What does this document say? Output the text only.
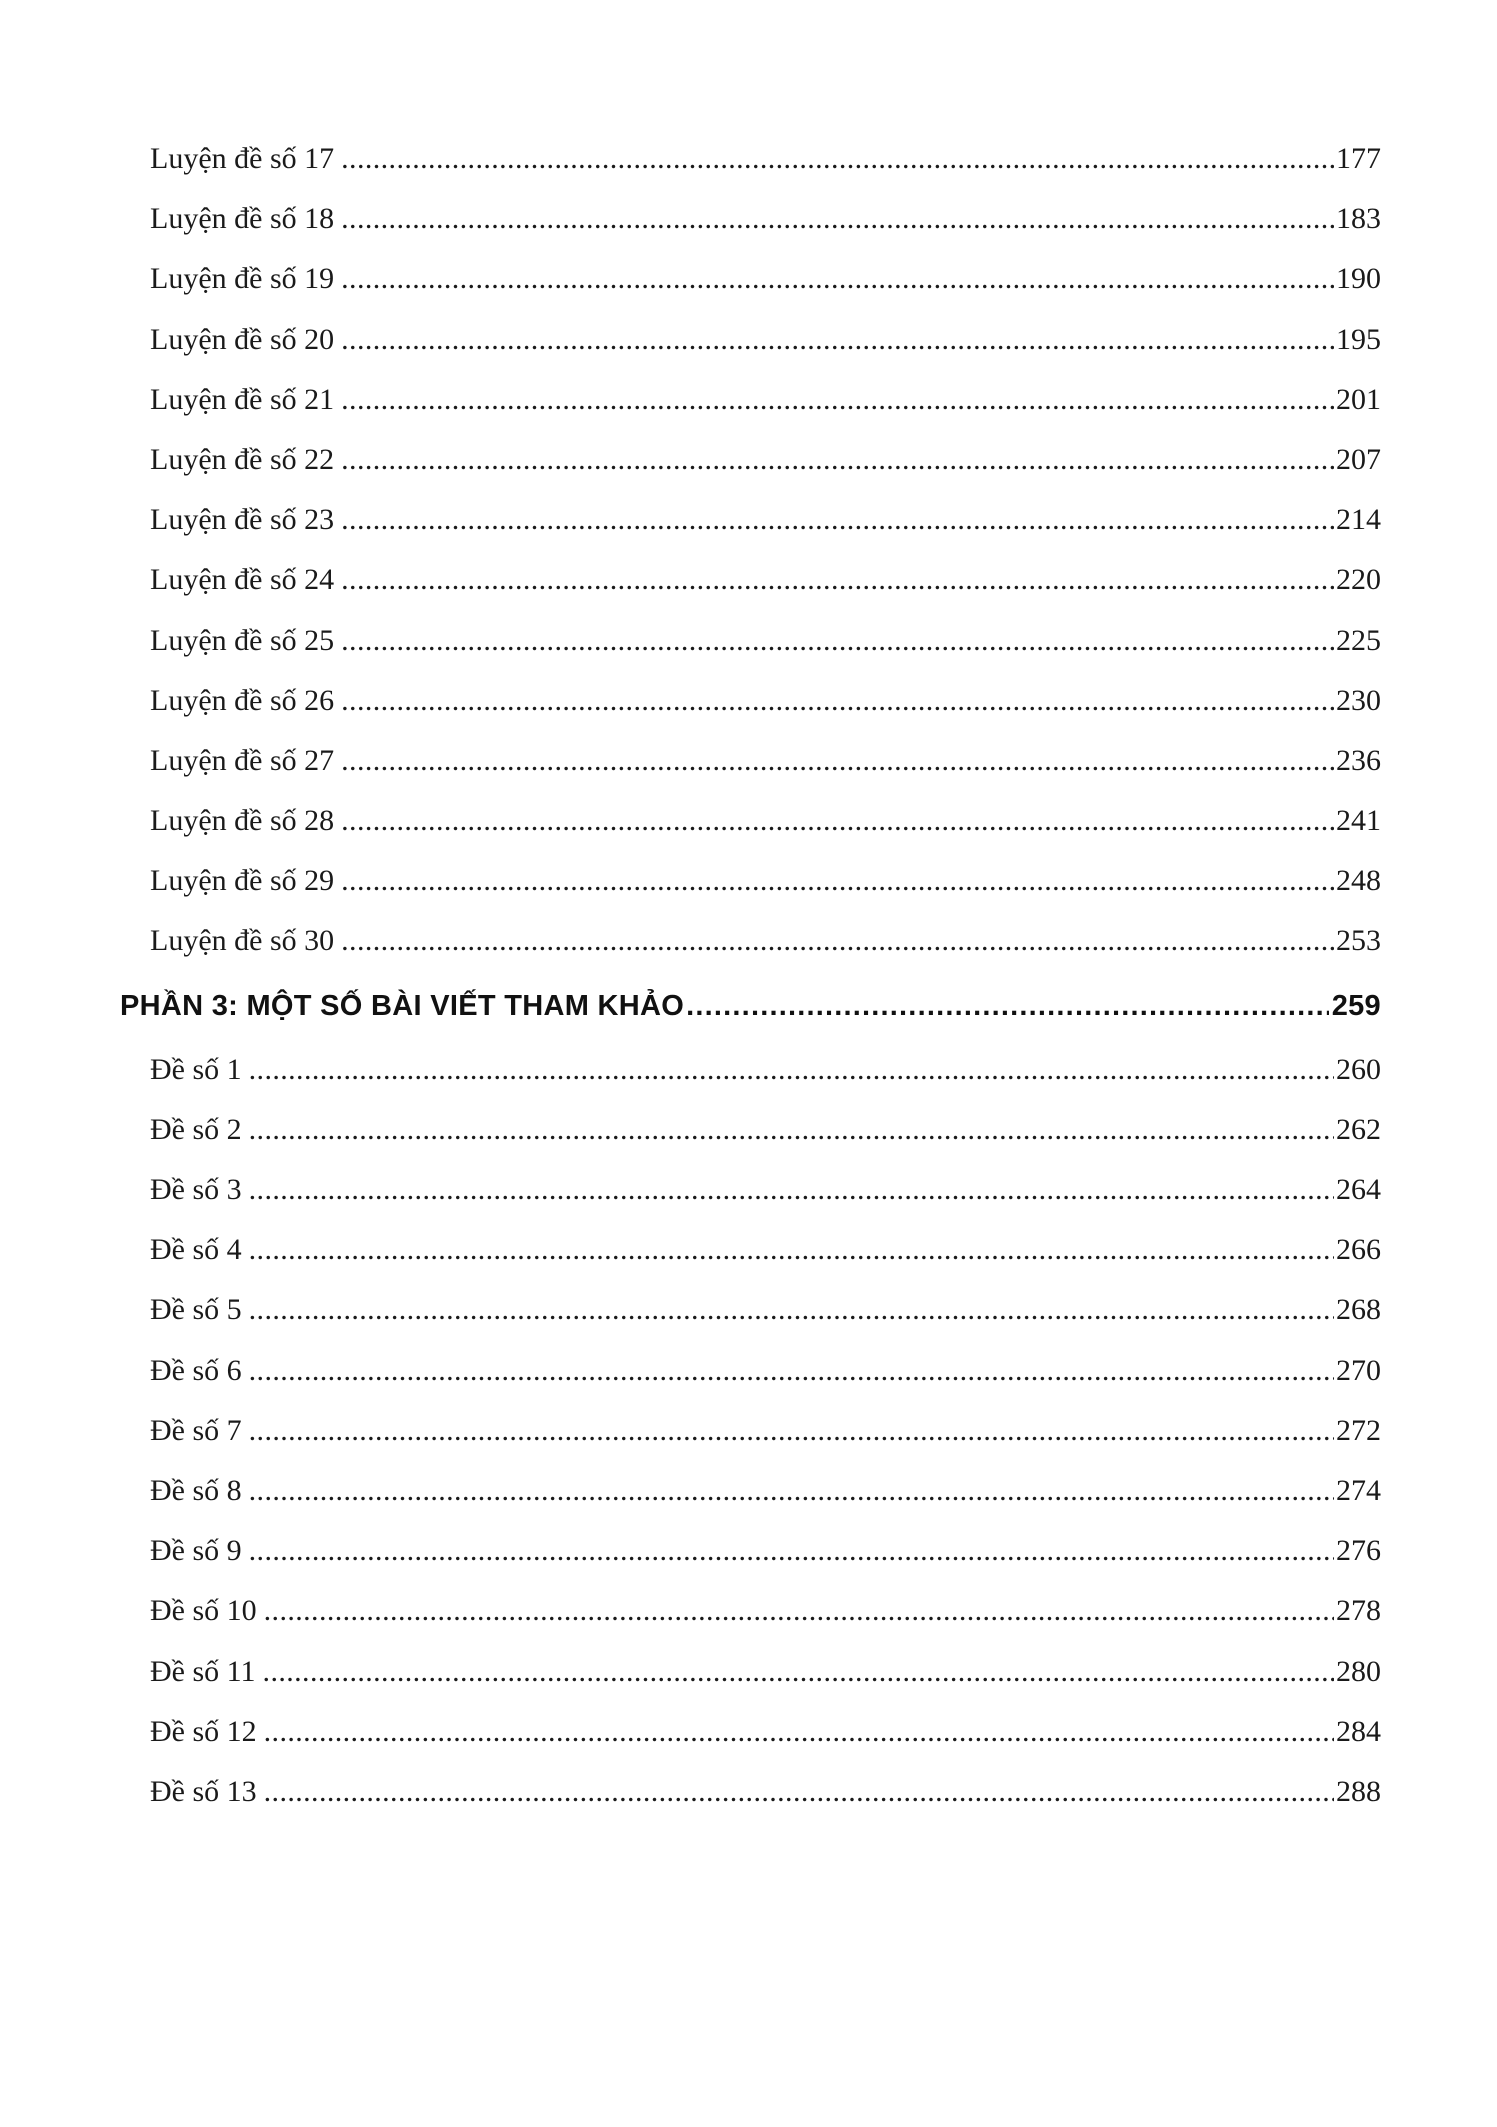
Luyện đề số 17 .....	177
Luyện đề số 18 .....	183
Luyện đề số 19 .....	190
Luyện đề số 20 .....	195
Luyện đề số 21 .....	201
Luyện đề số 22 .....	207
Luyện đề số 23 .....	214
Luyện đề số 24 .....	220
Luyện đề số 25 .....	225
Luyện đề số 26 .....	230
Luyện đề số 27 .....	236
Luyện đề số 28 .....	241
Luyện đề số 29 .....	248
Luyện đề số 30 .....	253
PHẦN 3: MỘT SỐ BÀI VIẾT THAM KHẢO .....	259
Đề số 1 .....	260
Đề số 2 .....	262
Đề số 3 .....	264
Đề số 4 .....	266
Đề số 5 .....	268
Đề số 6 .....	270
Đề số 7 .....	272
Đề số 8 .....	274
Đề số 9 .....	276
Đề số 10 .....	278
Đề số 11 .....	280
Đề số 12 .....	284
Đề số 13 .....	288
